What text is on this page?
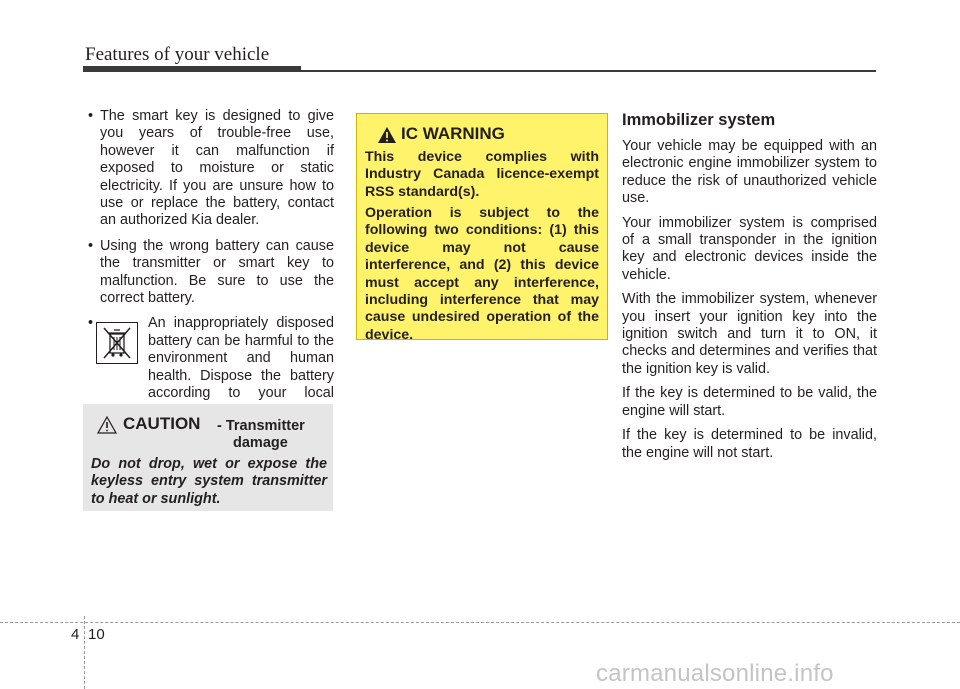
Features of your vehicle
• The smart key is designed to give you years of trouble-free use, however it can malfunction if exposed to moisture or static electricity. If you are unsure how to use or replace the battery, contact an authorized Kia dealer.
• Using the wrong battery can cause the transmitter or smart key to malfunction. Be sure to use the correct battery.
•	An inappropriately disposed battery can be harmful to the environment and human health. Dispose the battery according to your local
CAUTION - Transmitter
damage
Do not drop, wet or expose the keyless entry system transmitter to heat or sunlight.
IC WARNING
This device complies with Industry Canada licence-exempt RSS standard(s).
Operation is subject to the following two conditions: (1) this device may not cause interference, and (2) this device must accept any interference, including interference that may cause undesired operation of the device.
Immobilizer system
Your vehicle may be equipped with an electronic engine immobilizer system to reduce the risk of unauthorized vehicle use.
Your immobilizer system is comprised of a small transponder in the ignition key and electronic devices inside the vehicle.
With the immobilizer system, whenever you insert your ignition key into the ignition switch and turn it to ON, it checks and determines and verifies that the ignition key is valid.
If the key is determined to be valid, the engine will start.
If the key is determined to be invalid, the engine will not start.
4 10
carmanualsonline.info
